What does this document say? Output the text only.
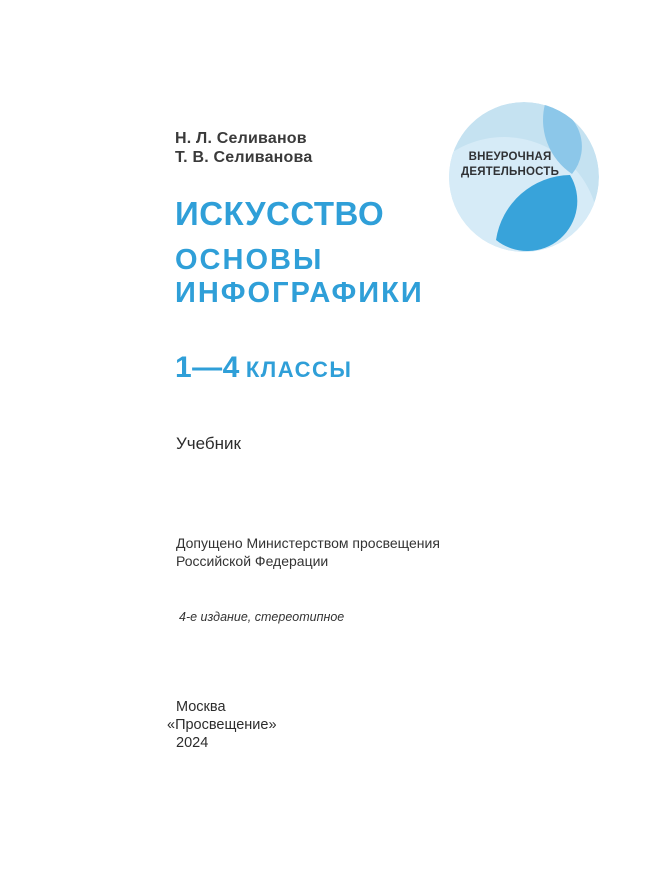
Н. Л. Селиванов
Т. В. Селиванова	ВНЕУРОЧНАЯ
ДЕЯТЕЛЬНОСТЬ
ИСКУССТВО
ОСНОВЫ
ИНФОГРАФИКИ
1—4 КЛАССЫ
Учебник
Допущено Министерством просвещения
Российской Федерации
4-е издание, стереотипное
Москва
«Просвещение»
2024
